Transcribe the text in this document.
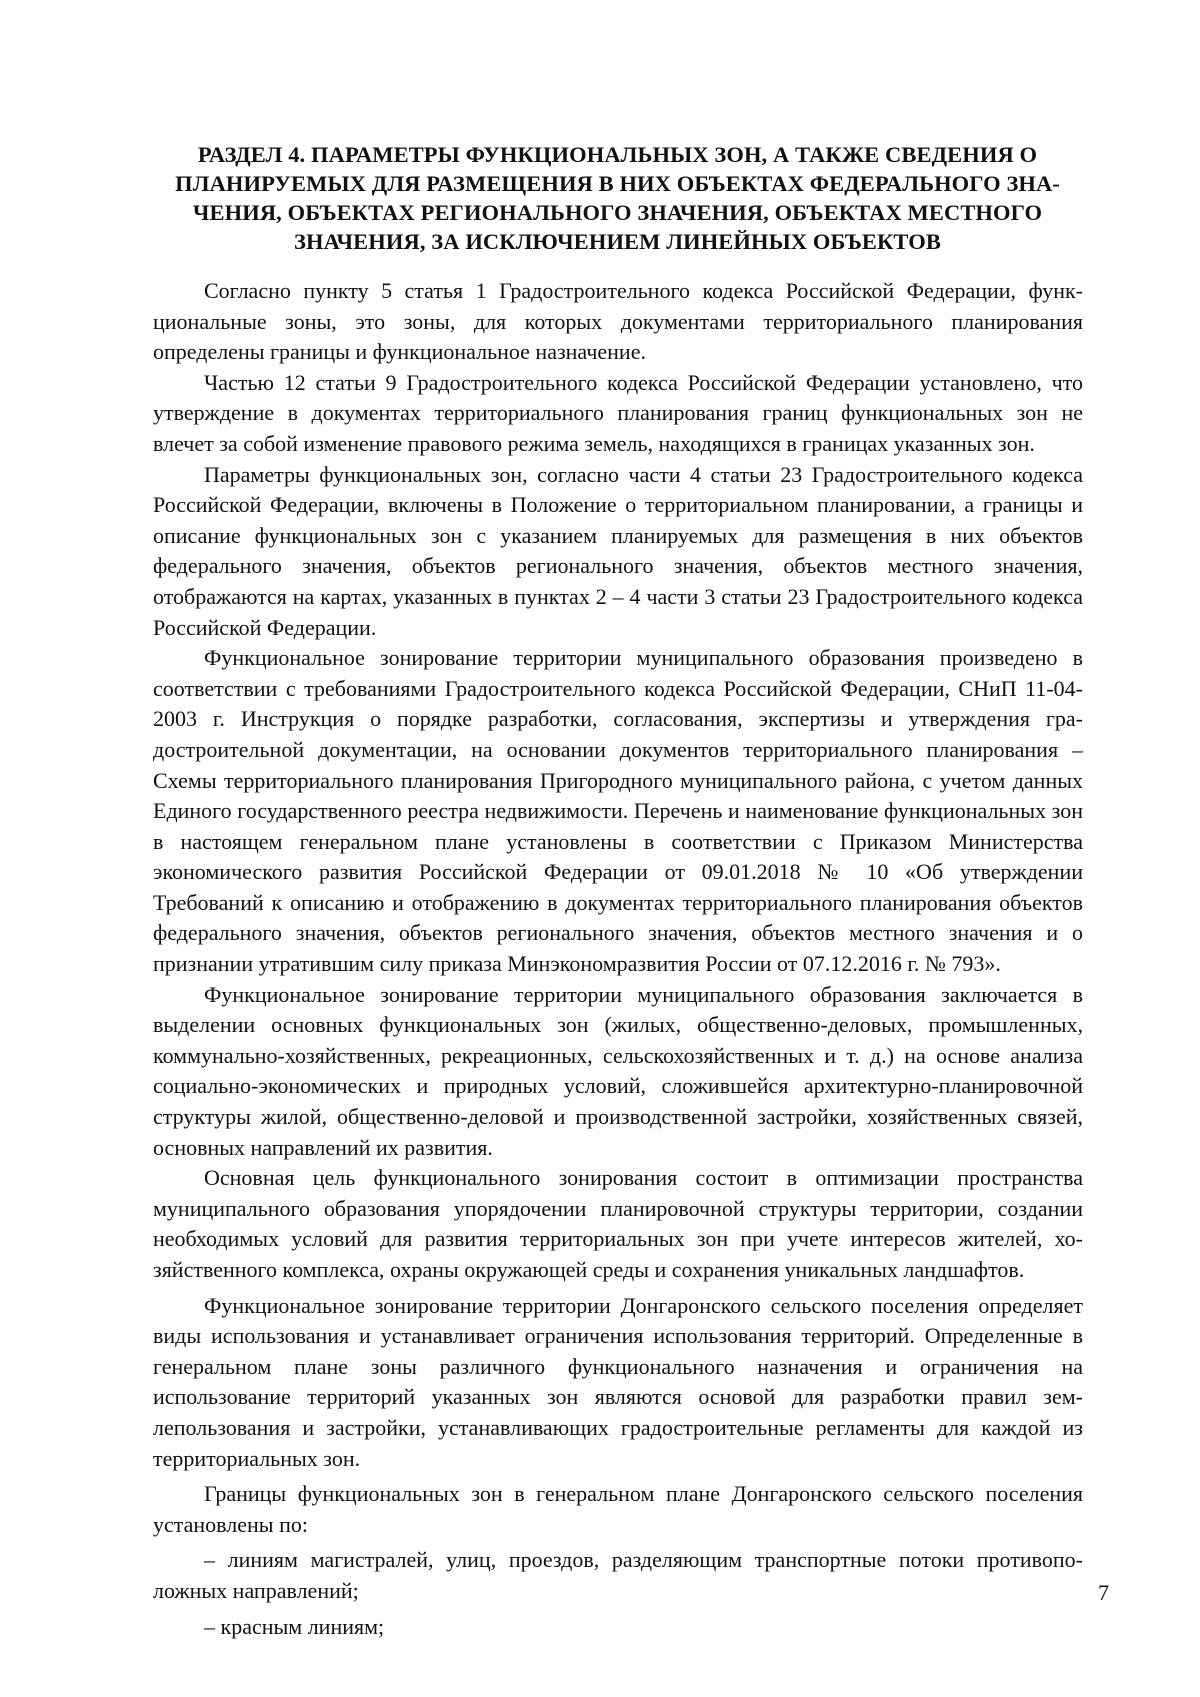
РАЗДЕЛ 4. ПАРАМЕТРЫ ФУНКЦИОНАЛЬНЫХ ЗОН, А ТАКЖЕ СВЕДЕНИЯ О ПЛАНИРУЕМЫХ ДЛЯ РАЗМЕЩЕНИЯ В НИХ ОБЪЕКТАХ ФЕДЕРАЛЬНОГО ЗНАЧЕНИЯ, ОБЪЕКТАХ РЕГИОНАЛЬНОГО ЗНАЧЕНИЯ, ОБЪЕКТАХ МЕСТНОГО ЗНАЧЕНИЯ, ЗА ИСКЛЮЧЕНИЕМ ЛИНЕЙНЫХ ОБЪЕКТОВ

Согласно пункту 5 статья 1 Градостроительного кодекса Российской Федерации, функциональные зоны, это зоны, для которых документами территориального планирования определены границы и функциональное назначение.

Частью 12 статьи 9 Градостроительного кодекса Российской Федерации установлено, что утверждение в документах территориального планирования границ функциональных зон не влечет за собой изменение правового режима земель, находящихся в границах указанных зон.

Параметры функциональных зон, согласно части 4 статьи 23 Градостроительного кодекса Российской Федерации, включены в Положение о территориальном планировании, а границы и описание функциональных зон с указанием планируемых для размещения в них объектов федерального значения, объектов регионального значения, объектов местного значения, отображаются на картах, указанных в пунктах 2 – 4 части 3 статьи 23 Градостроительного кодекса Российской Федерации.

Функциональное зонирование территории муниципального образования произведено в соответствии с требованиями Градостроительного кодекса Российской Федерации, СНиП 11-04-2003 г. Инструкция о порядке разработки, согласования, экспертизы и утверждения градостроительной документации, на основании документов территориального планирования – Схемы территориального планирования Пригородного муниципального района, с учетом данных Единого государственного реестра недвижимости. Перечень и наименование функциональных зон в настоящем генеральном плане установлены в соответствии с Приказом Министерства экономического развития Российской Федерации от 09.01.2018 № 10 «Об утверждении Требований к описанию и отображению в документах территориального планирования объектов федерального значения, объектов регионального значения, объектов местного значения и о признании утратившим силу приказа Минэкономразвития России от 07.12.2016 г. № 793».

Функциональное зонирование территории муниципального образования заключается в выделении основных функциональных зон (жилых, общественно-деловых, промышленных, коммунально-хозяйственных, рекреационных, сельскохозяйственных и т. д.) на основе анализа социально-экономических и природных условий, сложившейся архитектурно-планировочной структуры жилой, общественно-деловой и производственной застройки, хозяйственных связей, основных направлений их развития.

Основная цель функционального зонирования состоит в оптимизации пространства муниципального образования упорядочении планировочной структуры территории, создании необходимых условий для развития территориальных зон при учете интересов жителей, хозяйственного комплекса, охраны окружающей среды и сохранения уникальных ландшафтов.

Функциональное зонирование территории Донгаронского сельского поселения определяет виды использования и устанавливает ограничения использования территорий. Определенные в генеральном плане зоны различного функционального назначения и ограничения на использование территорий указанных зон являются основой для разработки правил землепользования и застройки, устанавливающих градостроительные регламенты для каждой из территориальных зон.

Границы функциональных зон в генеральном плане Донгаронского сельского поселения установлены по:

– линиям магистралей, улиц, проездов, разделяющим транспортные потоки противоположных направлений;

– красным линиям;

7
